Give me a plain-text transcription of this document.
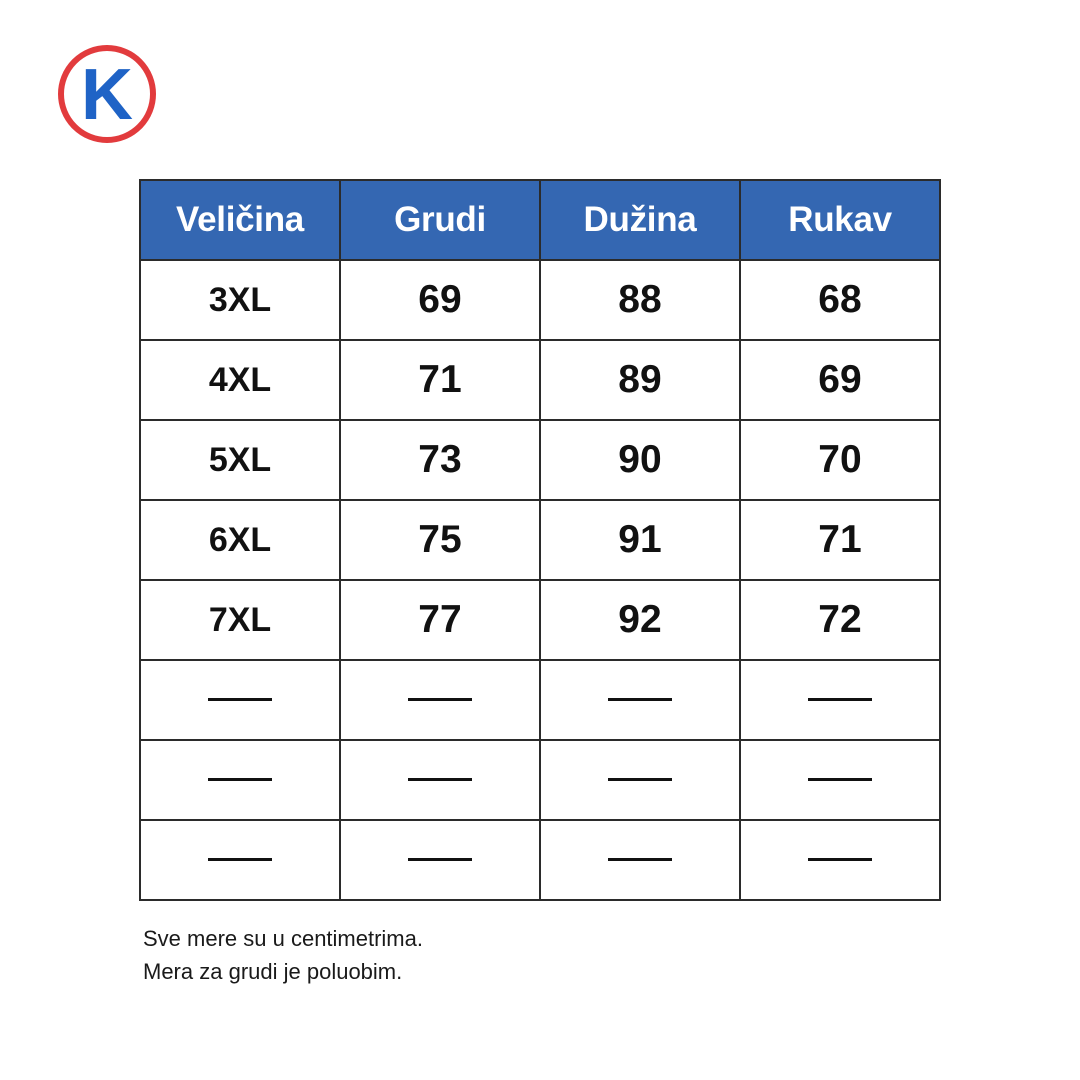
K
Veličina	Grudi	Dužina	Rukav
3XL	69	88	68
4XL	71	89	69
5XL	73	90	70
6XL	75	91	71
7XL	77	92	72

Sve mere su u centimetrima.

Mera za grudi je poluobim.
